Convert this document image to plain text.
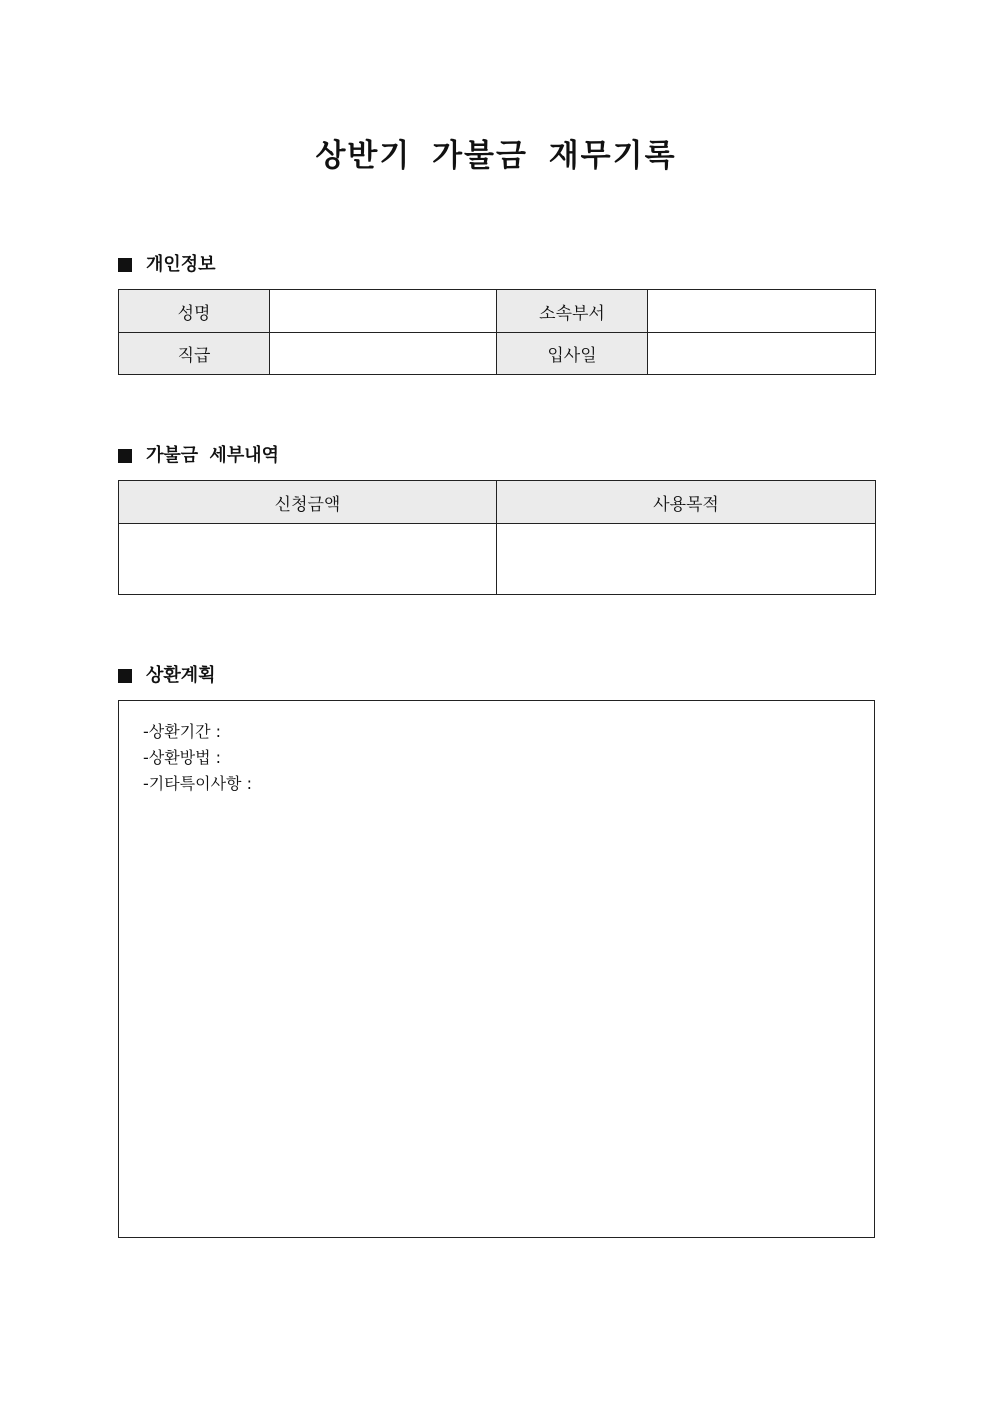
상반기 가불금 재무기록
개인정보
성명		소속부서	
직급		입사일	
가불금 세부내역
신청금액	사용목적

상환계획
-상환기간 :
-상환방법 :
-기타특이사항 :
